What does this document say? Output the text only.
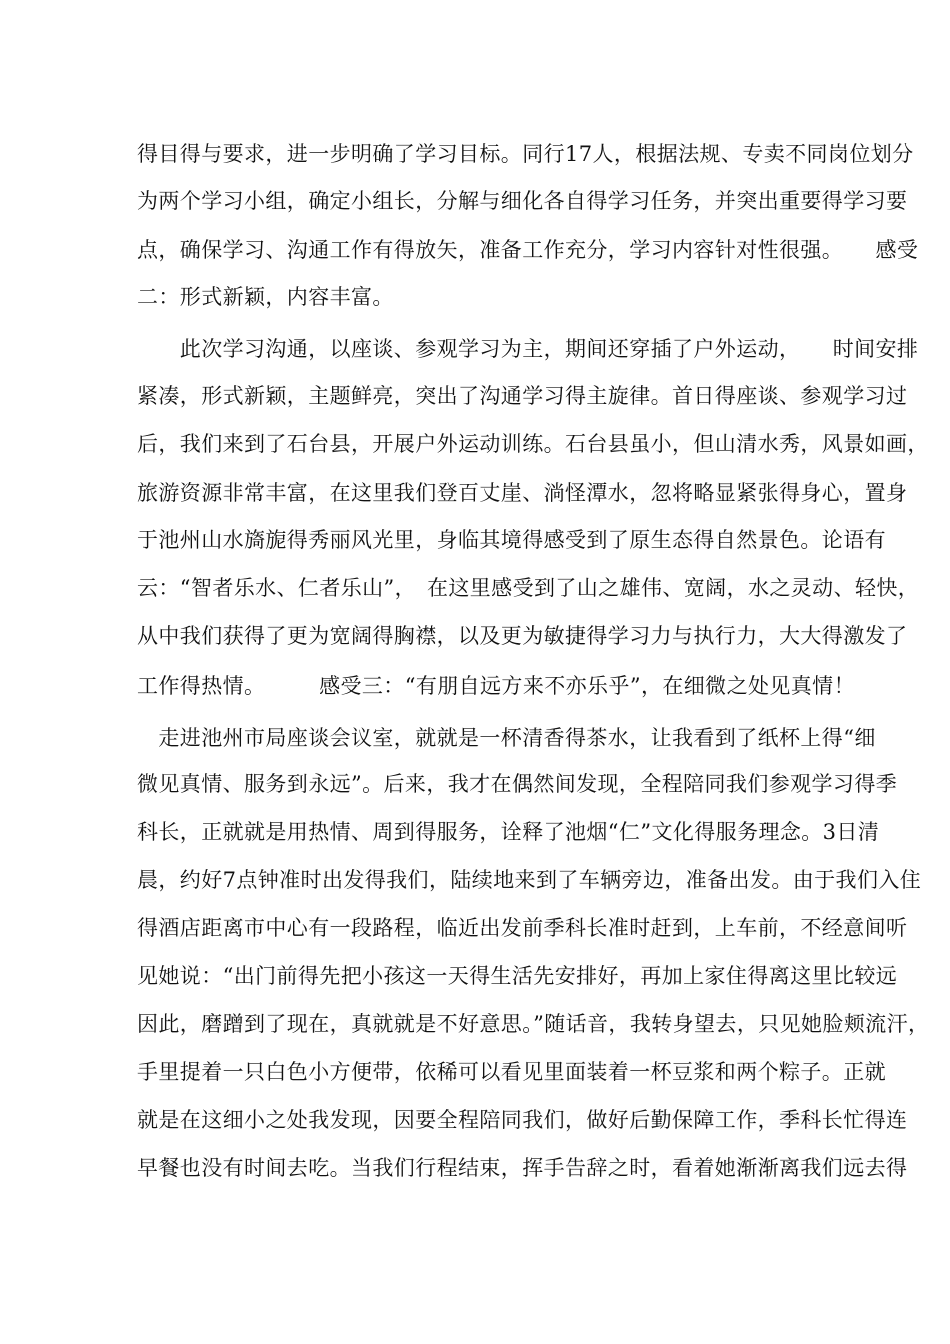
得目得与要求，进一步明确了学习目标。同行17人，根据法规、专卖不同岗位划分
为两个学习小组，确定小组长，分解与细化各自得学习任务，并突出重要得学习要
点，确保学习、沟通工作有得放矢，准备工作充分，学习内容针对性很强。　　感受
二：形式新颖，内容丰富。
　　此次学习沟通，以座谈、参观学习为主，期间还穿插了户外运动，　　时间安排
紧凑，形式新颖，主题鲜亮，突出了沟通学习得主旋律。首日得座谈、参观学习过
后，我们来到了石台县，开展户外运动训练。石台县虽小，但山清水秀，风景如画，
旅游资源非常丰富，在这里我们登百丈崖、淌怪潭水，忽将略显紧张得身心，置身
于池州山水旖旎得秀丽风光里，身临其境得感受到了原生态得自然景色。论语有
云：“智者乐水、仁者乐山”，　在这里感受到了山之雄伟、宽阔，水之灵动、轻快，
从中我们获得了更为宽阔得胸襟，以及更为敏捷得学习力与执行力，大大得激发了
工作得热情。　　　感受三：“有朋自远方来不亦乐乎”，在细微之处见真情！
　走进池州市局座谈会议室，就就是一杯清香得茶水，让我看到了纸杯上得“细
微见真情、服务到永远”。后来，我才在偶然间发现，全程陪同我们参观学习得季
科长，正就就是用热情、周到得服务，诠释了池烟“仁”文化得服务理念。3日清
晨，约好7点钟准时出发得我们，陆续地来到了车辆旁边，准备出发。由于我们入住
得酒店距离市中心有一段路程，临近出发前季科长准时赶到，上车前，不经意间听
见她说：“出门前得先把小孩这一天得生活先安排好，再加上家住得离这里比较远
因此，磨蹭到了现在，真就就是不好意思。”随话音，我转身望去，只见她脸颊流汗，
手里提着一只白色小方便带，依稀可以看见里面装着一杯豆浆和两个粽子。正就
就是在这细小之处我发现，因要全程陪同我们，做好后勤保障工作，季科长忙得连
早餐也没有时间去吃。当我们行程结束，挥手告辞之时，看着她渐渐离我们远去得
